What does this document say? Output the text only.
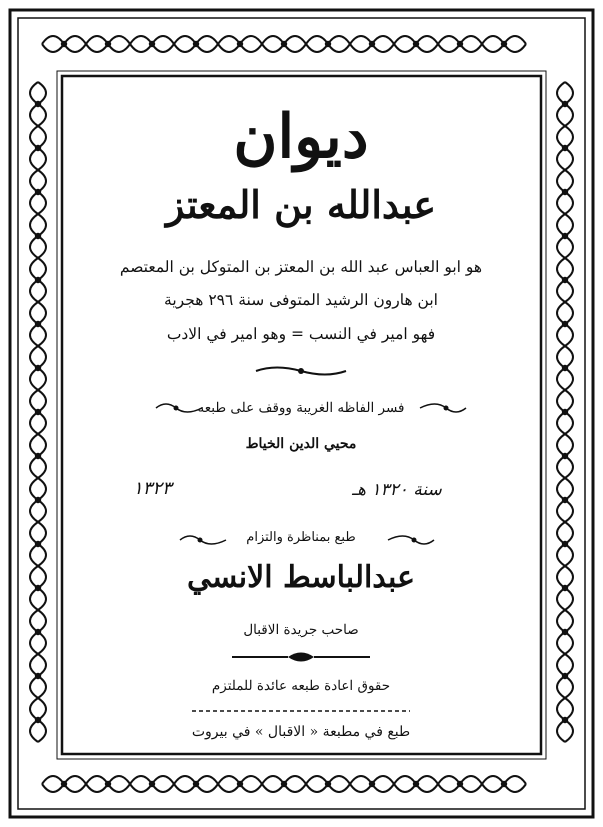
ديوان
عبدالله بن المعتز
هو ابو العباس عبد الله بن المعتز بن المتوكل بن المعتصم
ابن هارون الرشيد المتوفى سنة ٢٩٦ هجرية
فهو امير في النسب = وهو امير في الادب
فسر الفاظه الغريبة ووقف على طبعه
محيي الدين الخياط
طبع بمناظرة والتزام
عبدالباسط الانسي
صاحب جريدة الاقبال
حقوق اعادة طبعه عائدة للملتزم
طبع في مطبعة « الاقبال » في بيروت
١٣٢٣	سنة ١٣٢٠ هـ
